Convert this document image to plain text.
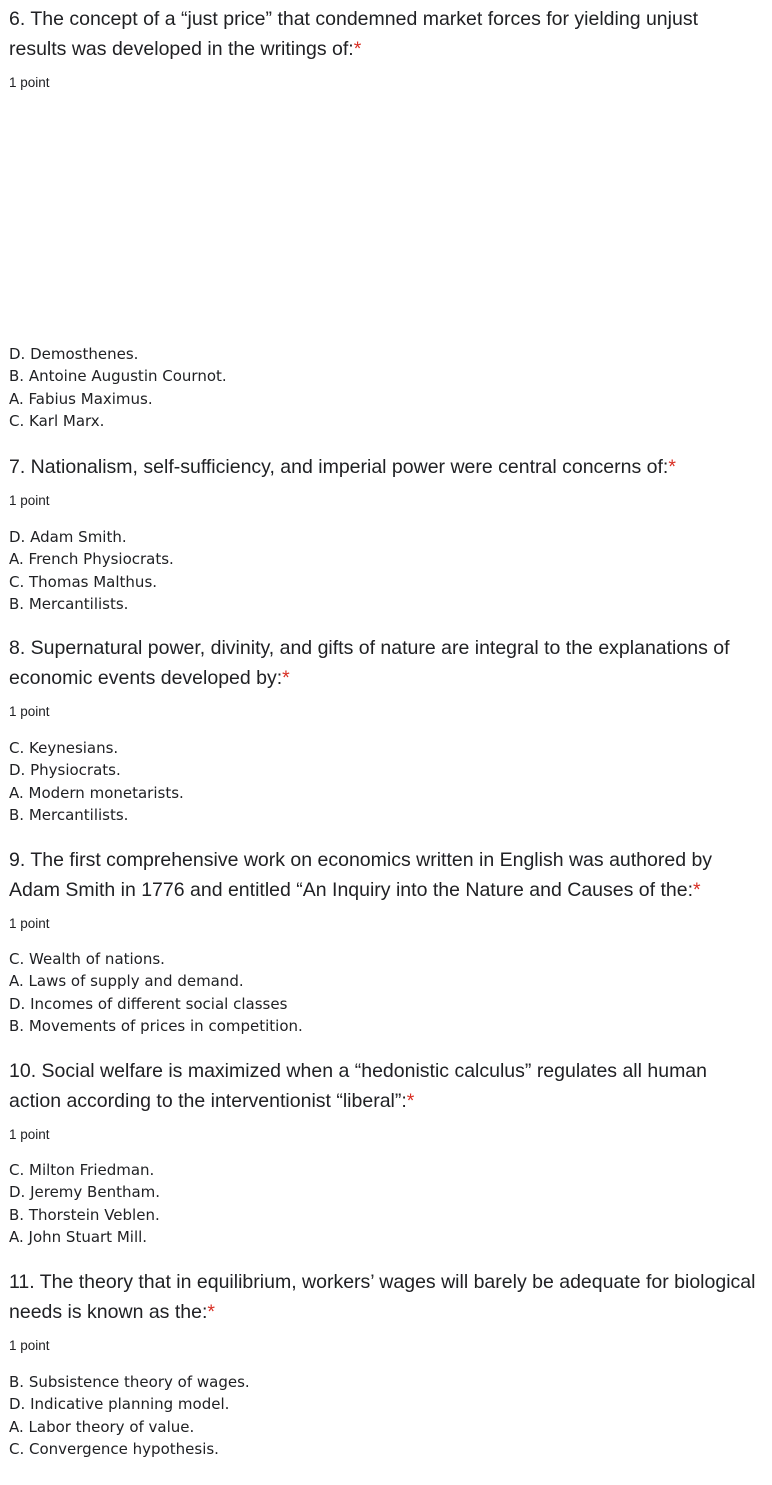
6. The concept of a “just price” that condemned market forces for yielding unjust results was developed in the writings of:*

1 point
D. Demosthenes.
B. Antoine Augustin Cournot.
A. Fabius Maximus.
C. Karl Marx.

7. Nationalism, self-sufficiency, and imperial power were central concerns of:*

1 point
D. Adam Smith.
A. French Physiocrats.
C. Thomas Malthus.
B. Mercantilists.

8. Supernatural power, divinity, and gifts of nature are integral to the explanations of economic events developed by:*

1 point
C. Keynesians.
D. Physiocrats.
A. Modern monetarists.
B. Mercantilists.

9. The first comprehensive work on economics written in English was authored by Adam Smith in 1776 and entitled “An Inquiry into the Nature and Causes of the:*

1 point
C. Wealth of nations.
A. Laws of supply and demand.
D. Incomes of different social classes
B. Movements of prices in competition.

10. Social welfare is maximized when a “hedonistic calculus” regulates all human action according to the interventionist “liberal”:*

1 point
C. Milton Friedman.
D. Jeremy Bentham.
B. Thorstein Veblen.
A. John Stuart Mill.

11. The theory that in equilibrium, workers’ wages will barely be adequate for biological needs is known as the:*

1 point
B. Subsistence theory of wages.
D. Indicative planning model.
A. Labor theory of value.
C. Convergence hypothesis.
